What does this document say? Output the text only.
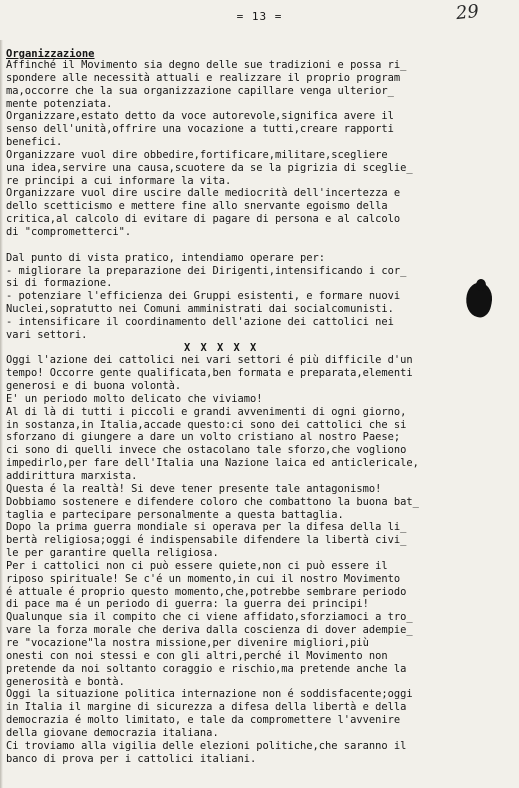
= 13 =	29
Organizzazione
Affinché il Movimento sia degno delle sue tradizioni e possa ri_
spondere alle necessità attuali e realizzare il proprio program
ma,occorre che la sua organizzazione capillare venga ulterior_
mente potenziata.
Organizzare,estato detto da voce autorevole,significa avere il
senso dell'unità,offrire una vocazione a tutti,creare rapporti
benefici.
Organizzare vuol dire obbedire,fortificare,militare,scegliere
una idea,servire una causa,scuotere da se la pigrizia di sceglie_
re principi a cui informare la vita.
Organizzare vuol dire uscire dalle mediocrità dell'incertezza e
dello scetticismo e mettere fine allo snervante egoismo della
critica,al calcolo di evitare di pagare di persona e al calcolo
di "comprometterci".
Dal punto di vista pratico, intendiamo operare per:
- migliorare la preparazione dei Dirigenti,intensificando i cor_
si di formazione.
- potenziare l'efficienza dei Gruppi esistenti, e formare nuovi
Nuclei,sopratutto nei Comuni amministrati dai socialcomunisti.
- intensificare il coordinamento dell'azione dei cattolici nei
vari settori.
X X X X X
Oggi l'azione dei cattolici nei vari settori é più difficile d'un
tempo! Occorre gente qualificata,ben formata e preparata,elementi
generosi e di buona volontà.
E' un periodo molto delicato che viviamo!
Al di là di tutti i piccoli e grandi avvenimenti di ogni giorno,
in sostanza,in Italia,accade questo:ci sono dei cattolici che si
sforzano di giungere a dare un volto cristiano al nostro Paese;
ci sono di quelli invece che ostacolano tale sforzo,che vogliono
impedirlo,per fare dell'Italia una Nazione laica ed anticlericale,
addirittura marxista.
Questa é la realtà! Si deve tener presente tale antagonismo!
Dobbiamo sostenere e difendere coloro che combattono la buona bat_
taglia e partecipare personalmente a questa battaglia.
Dopo la prima guerra mondiale si operava per la difesa della li_
bertà religiosa;oggi é indispensabile difendere la libertà civi_
le per garantire quella religiosa.
Per i cattolici non ci può essere quiete,non ci può essere il
riposo spirituale! Se c'é un momento,in cui il nostro Movimento
é attuale é proprio questo momento,che,potrebbe sembrare periodo
di pace ma é un periodo di guerra: la guerra dei principi!
Qualunque sia il compito che ci viene affidato,sforziamoci a tro_
vare la forza morale che deriva dalla coscienza di dover adempie_
re "vocazione"la nostra missione,per divenire migliori,più
onesti con noi stessi e con gli altri,perché il Movimento non
pretende da noi soltanto coraggio e rischio,ma pretende anche la
generosità e bontà.
Oggi la situazione politica internazione non é soddisfacente;oggi
in Italia il margine di sicurezza a difesa della libertà e della
democrazia é molto limitato, e tale da compromettere l'avvenire
della giovane democrazia italiana.
Ci troviamo alla vigilia delle elezioni politiche,che saranno il
banco di prova per i cattolici italiani.
